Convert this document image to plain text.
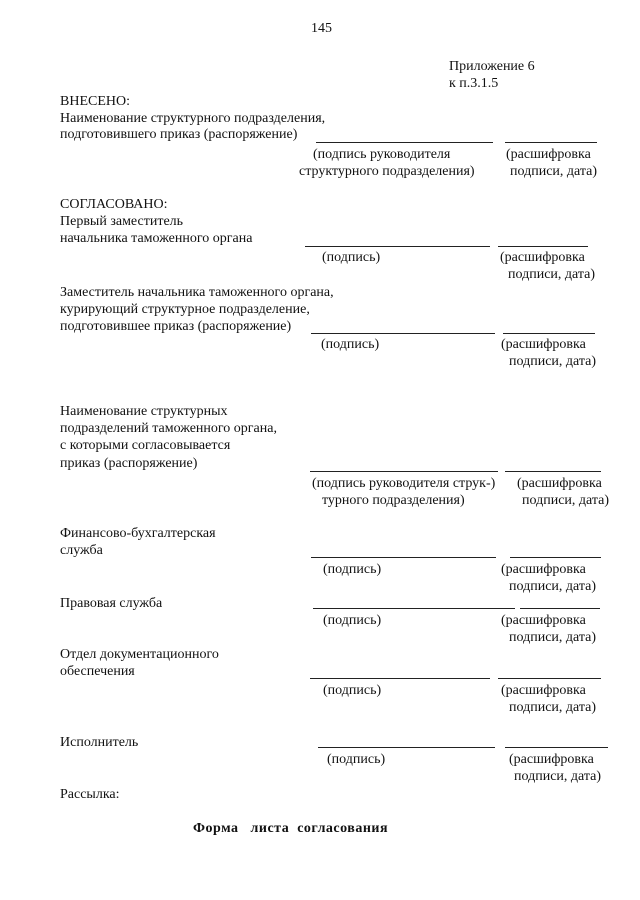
145
Приложение 6
к п.3.1.5
ВНЕСЕНО:
Наименование структурного подразделения,
подготовившего приказ (распоряжение)
(подпись руководителя
структурного подразделения)
(расшифровка
подписи, дата)
СОГЛАСОВАНО:
Первый заместитель
начальника таможенного органа
(подпись)	(расшифровка
подписи, дата)
Заместитель начальника таможенного органа,
курирующий структурное подразделение,
подготовившее приказ (распоряжение)
(подпись)	(расшифровка
подписи, дата)
Наименование структурных
подразделений таможенного органа,
с которыми согласовывается
приказ (распоряжение)
(подпись руководителя струк-)
турного подразделения)
(расшифровка
подписи, дата)
Финансово-бухгалтерская
служба
(подпись)	(расшифровка
подписи, дата)
Правовая служба
(подпись)	(расшифровка
подписи, дата)
Отдел документационного
обеспечения
(подпись)	(расшифровка
подписи, дата)
Исполнитель
(подпись)	(расшифровка
подписи, дата)
Рассылка:
Форма   листа  согласования
